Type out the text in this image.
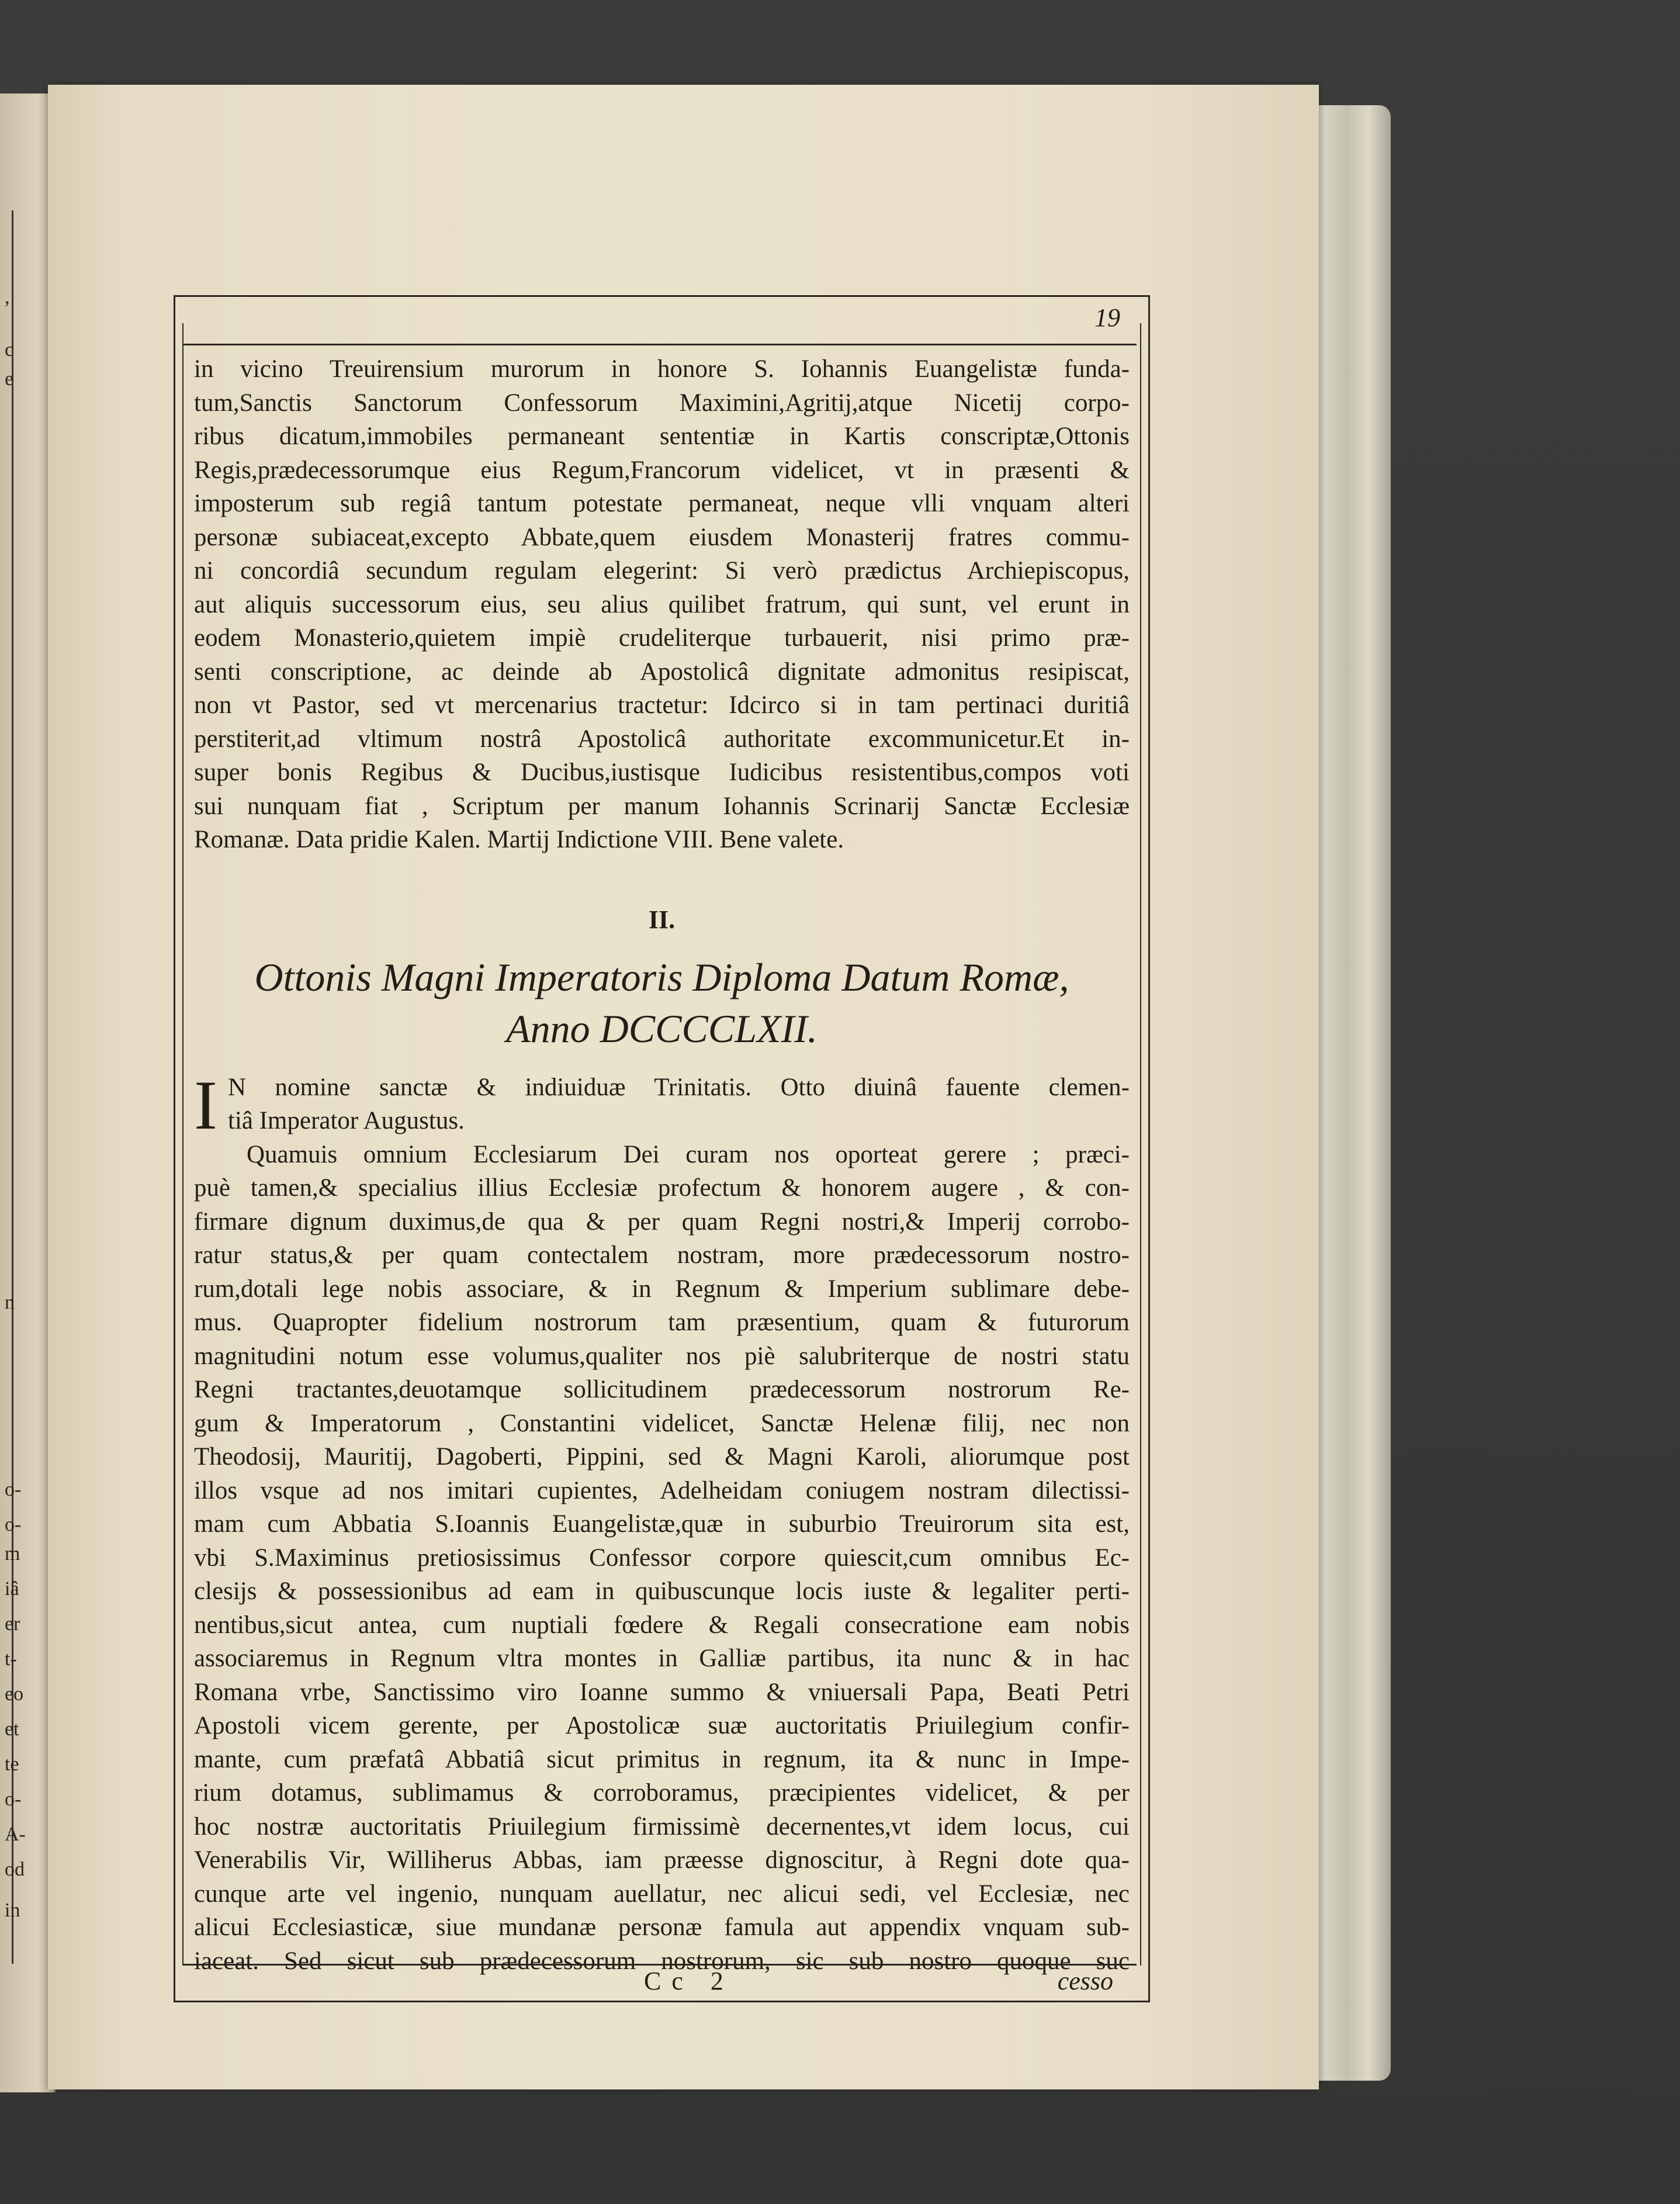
,
c
e
n
o-
o-
m
iâ
er
t-
eo
et
te
o-
A-
od
in
19
in vicino Treuirensium murorum in honore S. Iohannis Euangelistæ funda-
tum,Sanctis Sanctorum Confessorum Maximini,Agritij,atque Nicetij corpo-
ribus dicatum,immobiles permaneant sententiæ in Kartis conscriptæ,Ottonis
Regis,prædecessorumque eius Regum,Francorum videlicet, vt in præsenti &
imposterum sub regiâ tantum potestate permaneat, neque vlli vnquam alteri
personæ subiaceat,excepto Abbate,quem eiusdem Monasterij fratres commu-
ni concordiâ secundum regulam elegerint: Si verò prædictus Archiepiscopus,
aut aliquis successorum eius, seu alius quilibet fratrum, qui sunt, vel erunt in
eodem Monasterio,quietem impiè crudeliterque turbauerit, nisi primo præ-
senti conscriptione, ac deinde ab Apostolicâ dignitate admonitus resipiscat,
non vt Pastor, sed vt mercenarius tractetur: Idcirco si in tam pertinaci duritiâ
perstiterit,ad vltimum nostrâ Apostolicâ authoritate excommunicetur.Et in-
super bonis Regibus & Ducibus,iustisque Iudicibus resistentibus,compos voti
sui nunquam fiat , Scriptum per manum Iohannis Scrinarij Sanctæ Ecclesiæ
Romanæ. Data pridie Kalen. Martij Indictione VIII. Bene valete.
II.
Ottonis Magni Imperatoris Diploma Datum Romæ,
Anno DCCCCLXII.
I N nomine sanctæ & indiuiduæ Trinitatis. Otto diuinâ fauente clemen-
tiâ Imperator Augustus.
Quamuis omnium Ecclesiarum Dei curam nos oporteat gerere ; præci-
puè tamen,& specialius illius Ecclesiæ profectum & honorem augere , & con-
firmare dignum duximus,de qua & per quam Regni nostri,& Imperij corrobo-
ratur status,& per quam contectalem nostram, more prædecessorum nostro-
rum,dotali lege nobis associare, & in Regnum & Imperium sublimare debe-
mus. Quapropter fidelium nostrorum tam præsentium, quam & futurorum
magnitudini notum esse volumus,qualiter nos piè salubriterque de nostri statu
Regni tractantes,deuotamque sollicitudinem prædecessorum nostrorum Re-
gum & Imperatorum , Constantini videlicet, Sanctæ Helenæ filij, nec non
Theodosij, Mauritij, Dagoberti, Pippini, sed & Magni Karoli, aliorumque post
illos vsque ad nos imitari cupientes, Adelheidam coniugem nostram dilectissi-
mam cum Abbatia S.Ioannis Euangelistæ,quæ in suburbio Treuirorum sita est,
vbi S.Maximinus pretiosissimus Confessor corpore quiescit,cum omnibus Ec-
clesijs & possessionibus ad eam in quibuscunque locis iuste & legaliter perti-
nentibus,sicut antea, cum nuptiali fœdere & Regali consecratione eam nobis
associaremus in Regnum vltra montes in Galliæ partibus, ita nunc & in hac
Romana vrbe, Sanctissimo viro Ioanne summo & vniuersali Papa, Beati Petri
Apostoli vicem gerente, per Apostolicæ suæ auctoritatis Priuilegium confir-
mante, cum præfatâ Abbatiâ sicut primitus in regnum, ita & nunc in Impe-
rium dotamus, sublimamus & corroboramus, præcipientes videlicet, & per
hoc nostræ auctoritatis Priuilegium firmissimè decernentes,vt idem locus, cui
Venerabilis Vir, Williherus Abbas, iam præesse dignoscitur, à Regni dote qua-
cunque arte vel ingenio, nunquam auellatur, nec alicui sedi, vel Ecclesiæ, nec
alicui Ecclesiasticæ, siue mundanæ personæ famula aut appendix vnquam sub-
iaceat. Sed sicut sub prædecessorum nostrorum, sic sub nostro quoque suc
Cc 2	cesso
